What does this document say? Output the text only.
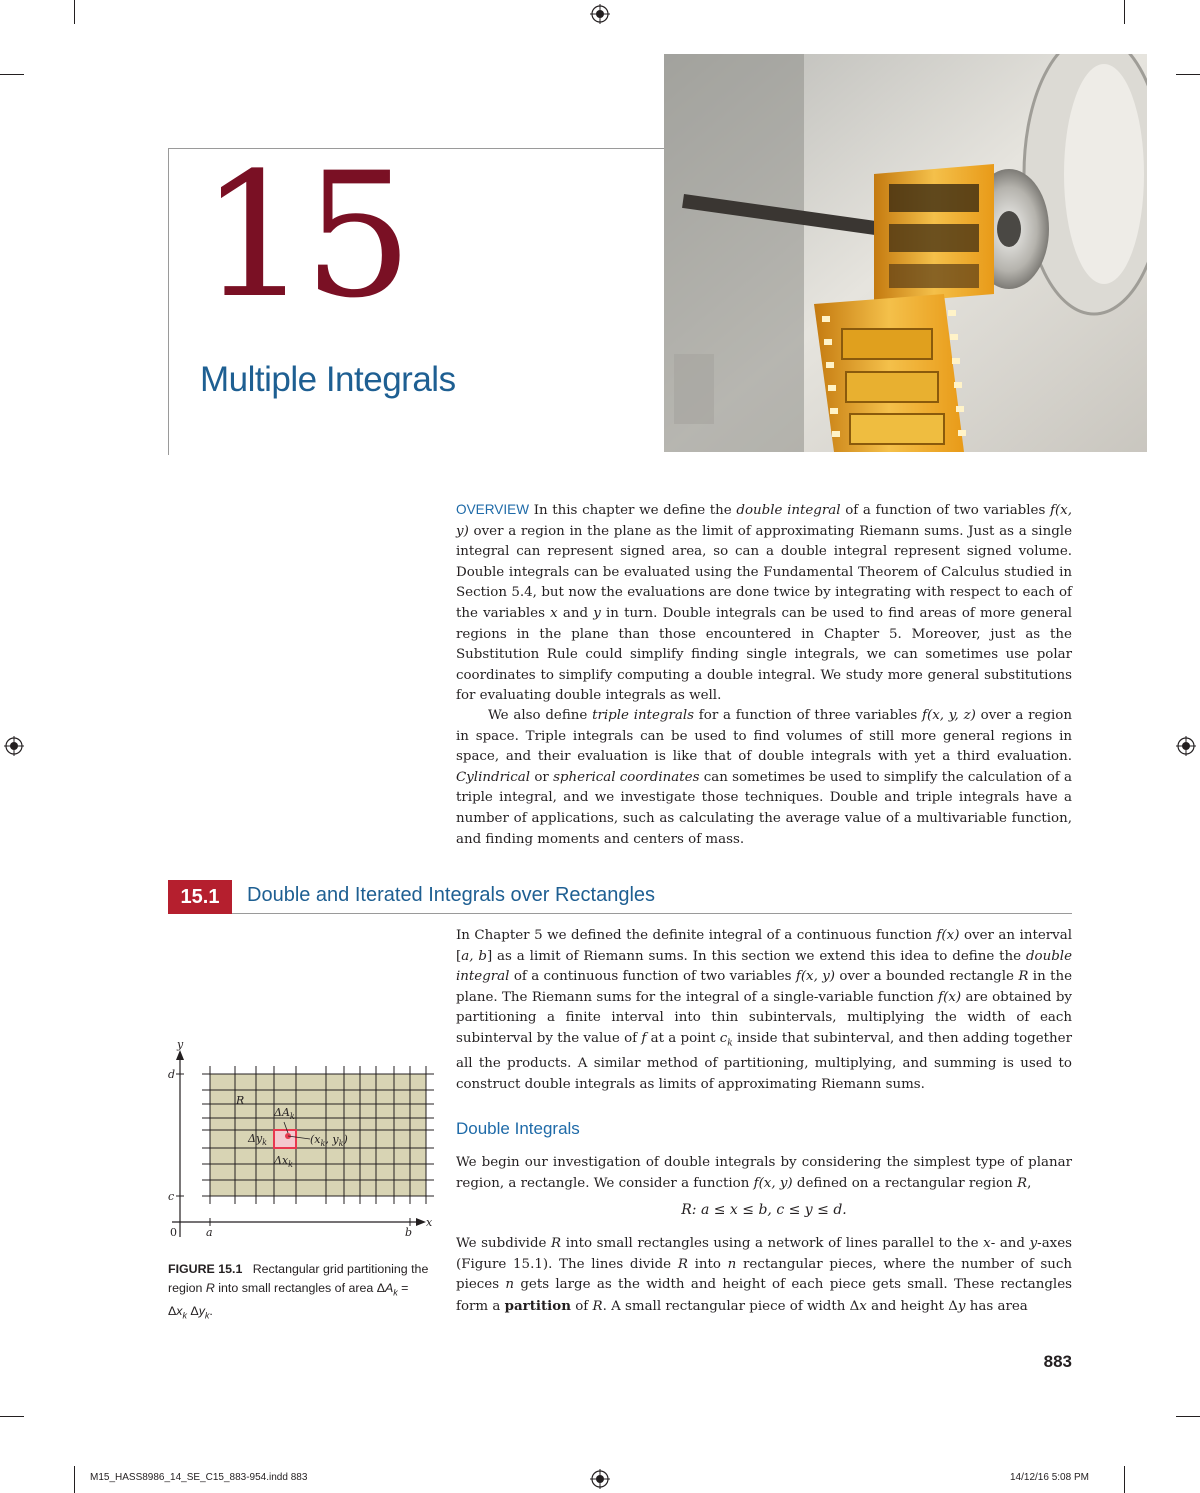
15
Multiple Integrals

OVERVIEW In this chapter we define the double integral of a function of two variables f(x, y) over a region in the plane as the limit of approximating Riemann sums. Just as a single integral can represent signed area, so can a double integral represent signed volume. Double integrals can be evaluated using the Fundamental Theorem of Calculus studied in Section 5.4, but now the evaluations are done twice by integrating with respect to each of the variables x and y in turn. Double integrals can be used to find areas of more general regions in the plane than those encountered in Chapter 5. Moreover, just as the Substitution Rule could simplify finding single integrals, we can sometimes use polar coordinates to simplify computing a double integral. We study more general substitutions for evaluating double integrals as well.

We also define triple integrals for a function of three variables f(x, y, z) over a region in space. Triple integrals can be used to find volumes of still more general regions in space, and their evaluation is like that of double integrals with yet a third evaluation. Cylindrical or spherical coordinates can sometimes be used to simplify the calculation of a triple integral, and we investigate those techniques. Double and triple integrals have a number of applications, such as calculating the average value of a multivariable function, and finding moments and centers of mass.

15.1	Double and Iterated Integrals over Rectangles

In Chapter 5 we defined the definite integral of a continuous function f(x) over an interval [a, b] as a limit of Riemann sums. In this section we extend this idea to define the double integral of a continuous function of two variables f(x, y) over a bounded rectangle R in the plane. The Riemann sums for the integral of a single-variable function f(x) are obtained by partitioning a finite interval into thin subintervals, multiplying the width of each subinterval by the value of f at a point $c_k$ inside that subinterval, and then adding together all the products. A similar method of partitioning, multiplying, and summing is used to construct double integrals as limits of approximating Riemann sums.

Double Integrals

We begin our investigation of double integrals by considering the simplest type of planar region, a rectangle. We consider a function f(x, y) defined on a rectangular region R,

R: a ≤ x ≤ b, c ≤ y ≤ d.

We subdivide R into small rectangles using a network of lines parallel to the x- and y-axes (Figure 15.1). The lines divide R into n rectangular pieces, where the number of such pieces n gets large as the width and height of each piece gets small. These rectangles form a partition of R. A small rectangular piece of width Δx and height Δy has area

y
x
d
c
a	b
0
R
$\Delta A_k$
$\Delta y_k$
$\Delta x_k$
($x_k$, $y_k$)
FIGURE 15.1 Rectangular grid partitioning the region R into small rectangles of area $\Delta A_k = \Delta x_k$ $\Delta y_k$.
883
M15_HASS8986_14_SE_C15_883-954.indd 883	14/12/16 5:08 PM
